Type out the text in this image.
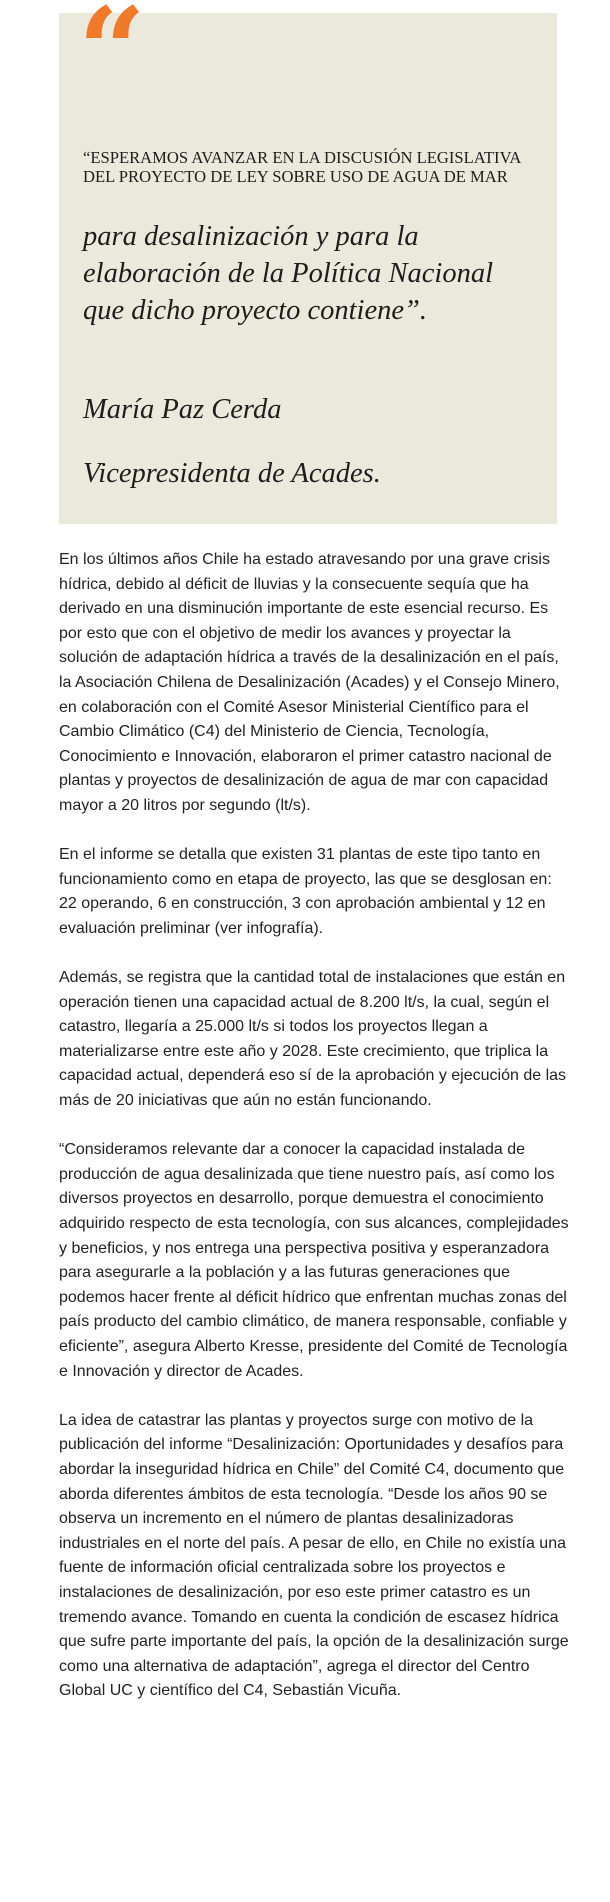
“
“ESPERAMOS AVANZAR EN LA DISCUSIÓN LEGISLATIVA DEL PROYECTO DE LEY SOBRE USO DE AGUA DE MAR
para desalinización y para la elaboración de la Política Nacional que dicho proyecto contiene”.
María Paz Cerda
Vicepresidenta de Acades.

En los últimos años Chile ha estado atravesando por una grave crisis hídrica, debido al déficit de lluvias y la consecuente sequía que ha derivado en una disminución importante de este esencial recurso. Es por esto que con el objetivo de medir los avances y proyectar la solución de adaptación hídrica a través de la desalinización en el país, la Asociación Chilena de Desalinización (Acades) y el Consejo Minero, en colaboración con el Comité Asesor Ministerial Científico para el Cambio Climático (C4) del Ministerio de Ciencia, Tecnología, Conocimiento e Innovación, elaboraron el primer catastro nacional de plantas y proyectos de desalinización de agua de mar con capacidad mayor a 20 litros por segundo (lt/s).

En el informe se detalla que existen 31 plantas de este tipo tanto en funcionamiento como en etapa de proyecto, las que se desglosan en: 22 operando, 6 en construcción, 3 con aprobación ambiental y 12 en evaluación preliminar (ver infografía).

Además, se registra que la cantidad total de instalaciones que están en operación tienen una capacidad actual de 8.200 lt/s, la cual, según el catastro, llegaría a 25.000 lt/s si todos los proyectos llegan a materializarse entre este año y 2028. Este crecimiento, que triplica la capacidad actual, dependerá eso sí de la aprobación y ejecución de las más de 20 iniciativas que aún no están funcionando.

“Consideramos relevante dar a conocer la capacidad instalada de producción de agua desalinizada que tiene nuestro país, así como los diversos proyectos en desarrollo, porque demuestra el conocimiento adquirido respecto de esta tecnología, con sus alcances, complejidades y beneficios, y nos entrega una perspectiva positiva y esperanzadora para asegurarle a la población y a las futuras generaciones que podemos hacer frente al déficit hídrico que enfrentan muchas zonas del país producto del cambio climático, de manera responsable, confiable y eficiente”, asegura Alberto Kresse, presidente del Comité de Tecnología e Innovación y director de Acades.

La idea de catastrar las plantas y proyectos surge con motivo de la publicación del informe “Desalinización: Oportunidades y desafíos para abordar la inseguridad hídrica en Chile” del Comité C4, documento que aborda diferentes ámbitos de esta tecnología. “Desde los años 90 se observa un incremento en el número de plantas desalinizadoras industriales en el norte del país. A pesar de ello, en Chile no existía una fuente de información oficial centralizada sobre los proyectos e instalaciones de desalinización, por eso este primer catastro es un tremendo avance. Tomando en cuenta la condición de escasez hídrica que sufre parte importante del país, la opción de la desalinización surge como una alternativa de adaptación”, agrega el director del Centro Global UC y científico del C4, Sebastián Vicuña.
